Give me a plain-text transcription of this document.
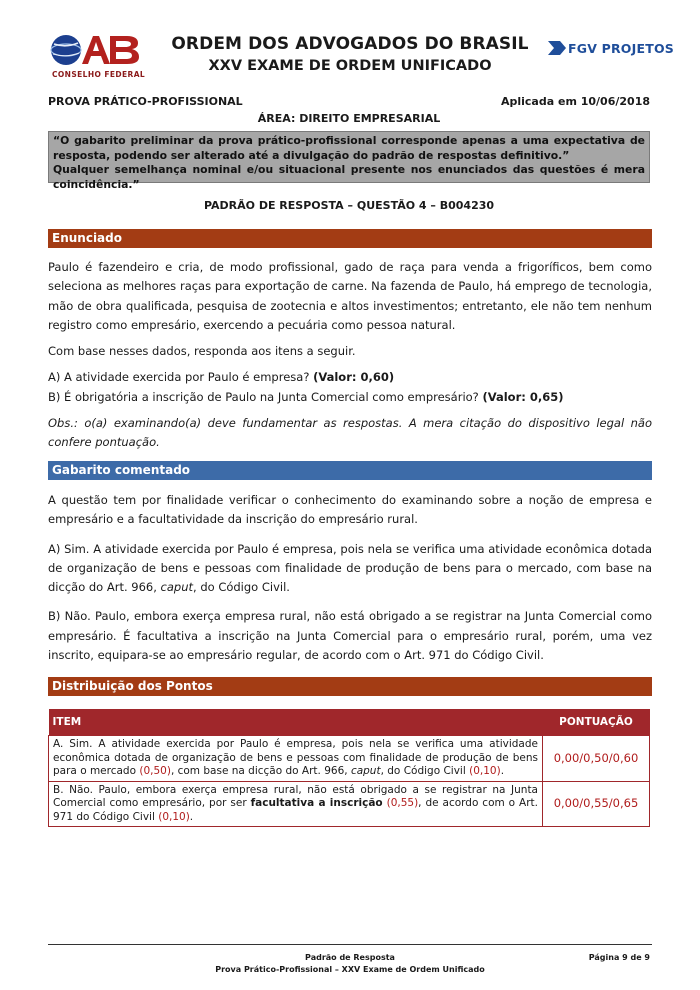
CONSELHO FEDERAL
ORDEM DOS ADVOGADOS DO BRASIL
XXV EXAME DE ORDEM UNIFICADO
FGV PROJETOS
PROVA PRÁTICO-PROFISSIONAL	Aplicada em 10/06/2018
ÁREA: DIREITO EMPRESARIAL

“O gabarito preliminar da prova prático-profissional corresponde apenas a uma expectativa de resposta, podendo ser alterado até a divulgação do padrão de respostas definitivo.”

Qualquer semelhança nominal e/ou situacional presente nos enunciados das questões é mera coincidência.”

PADRÃO DE RESPOSTA – QUESTÃO 4 – B004230
Enunciado

Paulo é fazendeiro e cria, de modo profissional, gado de raça para venda a frigoríficos, bem como seleciona as melhores raças para exportação de carne. Na fazenda de Paulo, há emprego de tecnologia, mão de obra qualificada, pesquisa de zootecnia e altos investimentos; entretanto, ele não tem nenhum registro como empresário, exercendo a pecuária como pessoa natural.

Com base nesses dados, responda aos itens a seguir.

A) A atividade exercida por Paulo é empresa? (Valor: 0,60)

B) É obrigatória a inscrição de Paulo na Junta Comercial como empresário? (Valor: 0,65)

Obs.: o(a) examinando(a) deve fundamentar as respostas. A mera citação do dispositivo legal não confere pontuação.

Gabarito comentado

A questão tem por finalidade verificar o conhecimento do examinando sobre a noção de empresa e empresário e a facultatividade da inscrição do empresário rural.

A) Sim. A atividade exercida por Paulo é empresa, pois nela se verifica uma atividade econômica dotada de organização de bens e pessoas com finalidade de produção de bens para o mercado, com base na dicção do Art. 966, caput, do Código Civil.

B) Não. Paulo, embora exerça empresa rural, não está obrigado a se registrar na Junta Comercial como empresário. É facultativa a inscrição na Junta Comercial para o empresário rural, porém, uma vez inscrito, equipara-se ao empresário regular, de acordo com o Art. 971 do Código Civil.

Distribuição dos Pontos
ITEM	PONTUAÇÃO
A. Sim. A atividade exercida por Paulo é empresa, pois nela se verifica uma atividade econômica dotada de organização de bens e pessoas com finalidade de produção de bens para o mercado (0,50), com base na dicção do Art. 966, caput, do Código Civil (0,10).	0,00/0,50/0,60
B. Não. Paulo, embora exerça empresa rural, não está obrigado a se registrar na Junta Comercial como empresário, por ser facultativa a inscrição (0,55), de acordo com o Art. 971 do Código Civil (0,10).	0,00/0,55/0,65
Padrão de Resposta
Prova Prático-Profissional – XXV Exame de Ordem Unificado
Página 9 de 9
